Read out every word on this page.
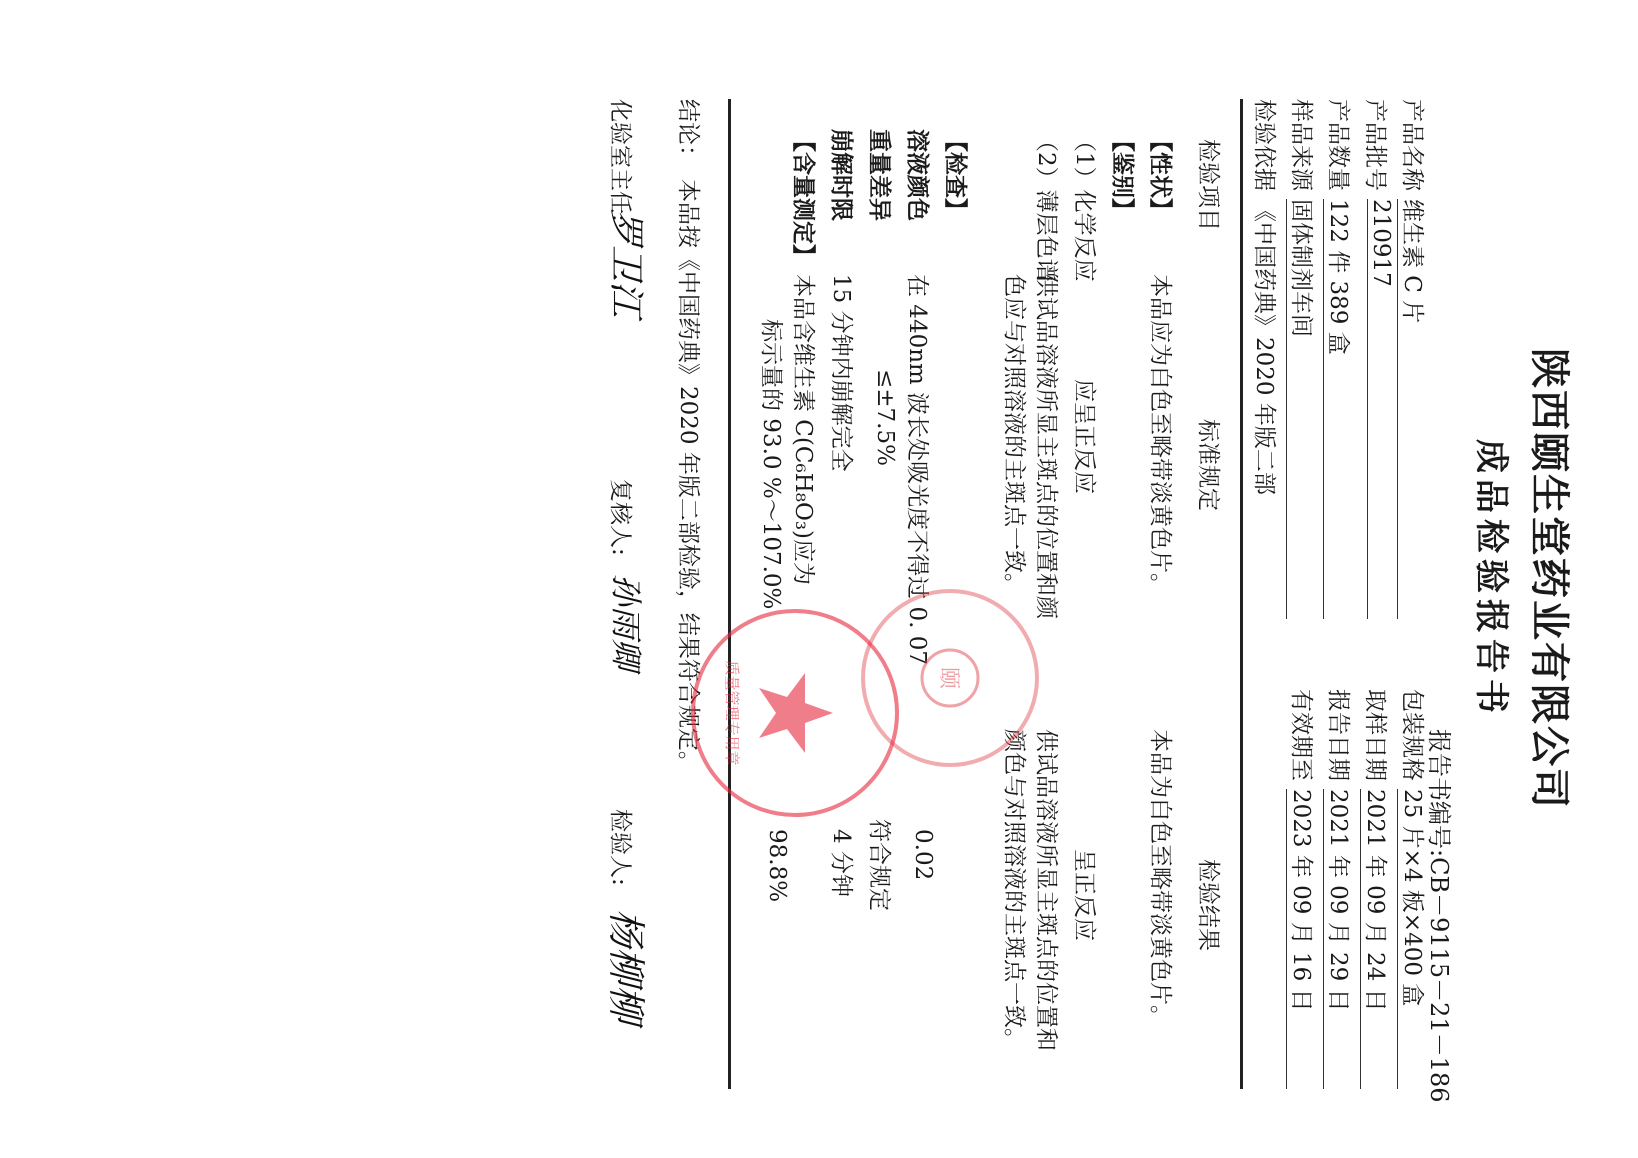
陕西颐生堂药业有限公司
成品检验报告书
报告书编号:CB－9115－21－186
产品名称
维生素 C 片
包装规格
25 片×4 板×400 盒
产品批号
210917
取样日期
2021 年 09 月 24 日
产品数量
122 件 389 盒
报告日期
2021 年 09 月 29 日
样品来源
固体制剂车间
有效期至
2023 年 09 月 16 日
检验依据
《中国药典》2020 年版二部
检验项目
标准规定
检验结果
【性状】
本品应为白色至略带淡黄色片。
本品为白色至略带淡黄色片。
【鉴别】
（1）化学反应
应呈正反应
呈正反应
（2）薄层色谱
供试品溶液所显主斑点的位置和颜
色应与对照溶液的主斑点一致。
供试品溶液所显主斑点的位置和
颜色与对照溶液的主斑点一致。
【检查】
溶液颜色
在 440nm 波长处吸光度不得过 0. 07
0.02
重量差异
≤±7.5%
符合规定
崩解时限
15 分钟内崩解完全
4 分钟
【含量测定】
本品含维生素 C(C₆H₈O₃)应为
标示量的 93.0 %～107.0%
98.8%
结论：
本品按《中国药典》2020 年版二部检验，结果符合规定。
化验室主任:
罗卫江
复核人:
孙雨卿
检验人:
杨柳柳
颐
质量管理专用章
